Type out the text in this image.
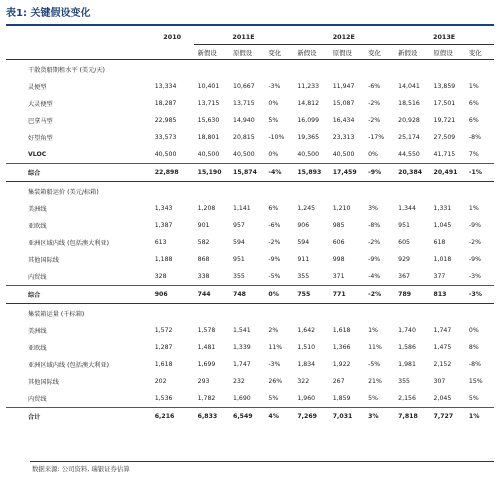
表1: 关键假设变化
	2010	2011E			2012E			2013E		
		新假设	原假设	变化	新假设	原假设	变化	新假设	原假设	变化
干散货船期租水平 (美元/天)										
灵便型	13,334	10,401	10,667	-3%	11,233	11,947	-6%	14,041	13,859	1%
大灵便型	18,287	13,715	13,715	0%	14,812	15,087	-2%	18,516	17,501	6%
巴拿马型	22,985	15,630	14,940	5%	16,099	16,434	-2%	20,928	19,721	6%
好望角型	33,573	18,801	20,815	-10%	19,365	23,313	-17%	25,174	27,509	-8%
VLOC	40,500	40,500	40,500	0%	40,500	40,500	0%	44,550	41,715	7%
综合	22,898	15,190	15,874	-4%	15,893	17,459	-9%	20,384	20,491	-1%
集装箱船运价 (美元/标箱)										
美洲线	1,343	1,208	1,141	6%	1,245	1,210	3%	1,344	1,331	1%
亚欧线	1,387	901	957	-6%	906	985	-8%	951	1,045	-9%
亚洲区域内线 (包括澳大利亚)	613	582	594	-2%	594	606	-2%	605	618	-2%
其他国际线	1,188	868	951	-9%	911	998	-9%	929	1,018	-9%
内贸线	328	338	355	-5%	355	371	-4%	367	377	-3%
综合	906	744	748	0%	755	771	-2%	789	813	-3%
集装箱运量 (千标箱)										
美洲线	1,572	1,578	1,541	2%	1,642	1,618	1%	1,740	1,747	0%
亚欧线	1,287	1,481	1,339	11%	1,510	1,366	11%	1,586	1,475	8%
亚洲区域内线 (包括澳大利亚)	1,618	1,699	1,747	-3%	1,834	1,922	-5%	1,981	2,152	-8%
其他国际线	202	293	232	26%	322	267	21%	355	307	15%
内贸线	1,536	1,782	1,690	5%	1,960	1,859	5%	2,156	2,045	5%
合计	6,216	6,833	6,549	4%	7,269	7,031	3%	7,818	7,727	1%
数据来源: 公司资料, 瑞银证券估算
